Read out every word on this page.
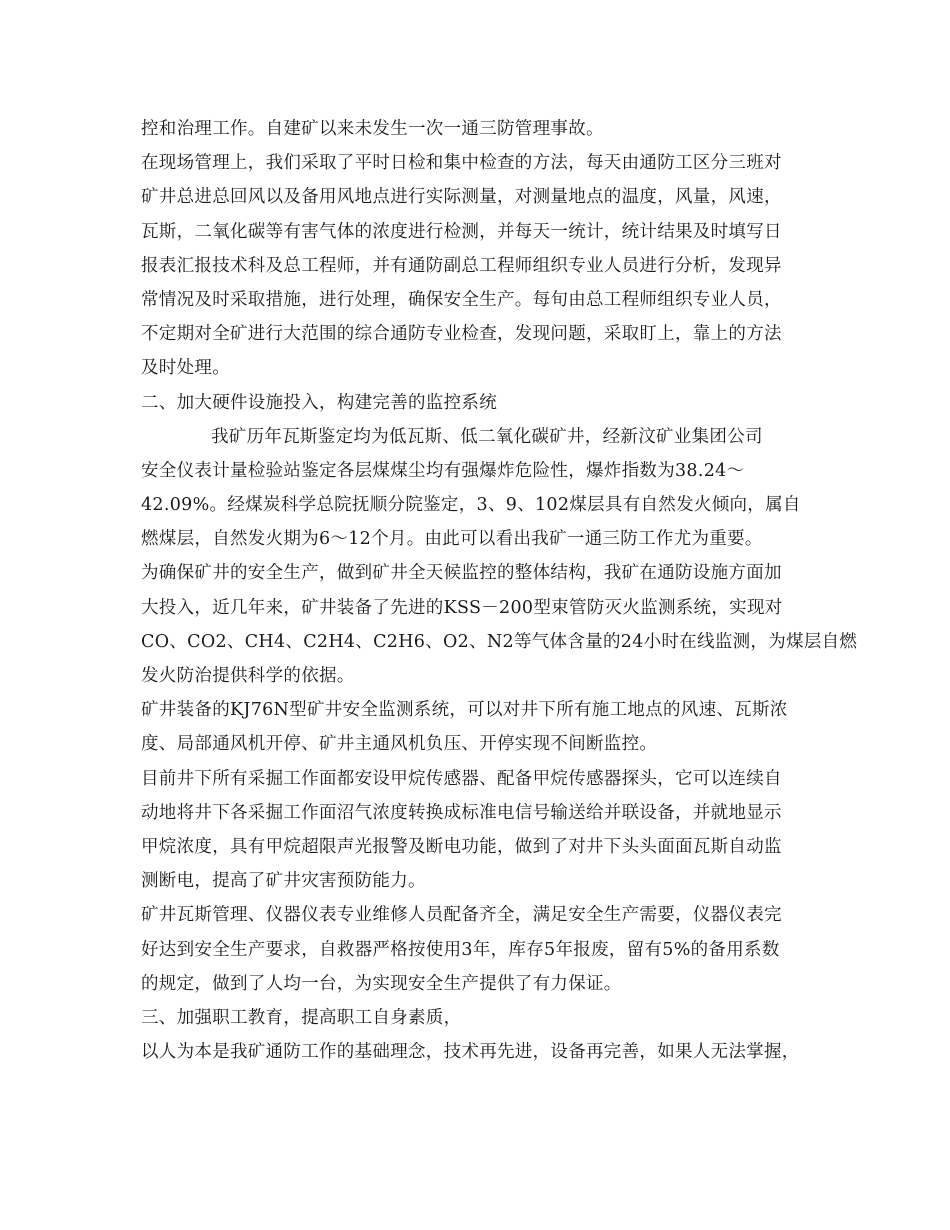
控和治理工作。自建矿以来未发生一次一通三防管理事故。
在现场管理上，我们采取了平时日检和集中检查的方法，每天由通防工区分三班对
矿井总进总回风以及备用风地点进行实际测量，对测量地点的温度，风量，风速，
瓦斯，二氧化碳等有害气体的浓度进行检测，并每天一统计，统计结果及时填写日
报表汇报技术科及总工程师，并有通防副总工程师组织专业人员进行分析，发现异
常情况及时采取措施，进行处理，确保安全生产。每旬由总工程师组织专业人员，
不定期对全矿进行大范围的综合通防专业检查，发现问题，采取盯上，靠上的方法
及时处理。
二、加大硬件设施投入，构建完善的监控系统
我矿历年瓦斯鉴定均为低瓦斯、低二氧化碳矿井，经新汶矿业集团公司
安全仪表计量检验站鉴定各层煤煤尘均有强爆炸危险性，爆炸指数为38.24～
42.09%。经煤炭科学总院抚顺分院鉴定，3、9、102煤层具有自然发火倾向，属自
燃煤层，自然发火期为6～12个月。由此可以看出我矿一通三防工作尤为重要。
为确保矿井的安全生产，做到矿井全天候监控的整体结构，我矿在通防设施方面加
大投入，近几年来，矿井装备了先进的KSS－200型束管防灭火监测系统，实现对
CO、CO2、CH4、C2H4、C2H6、O2、N2等气体含量的24小时在线监测，为煤层自燃
发火防治提供科学的依据。
矿井装备的KJ76N型矿井安全监测系统，可以对井下所有施工地点的风速、瓦斯浓
度、局部通风机开停、矿井主通风机负压、开停实现不间断监控。
目前井下所有采掘工作面都安设甲烷传感器、配备甲烷传感器探头，它可以连续自
动地将井下各采掘工作面沼气浓度转换成标准电信号输送给并联设备，并就地显示
甲烷浓度，具有甲烷超限声光报警及断电功能，做到了对井下头头面面瓦斯自动监
测断电，提高了矿井灾害预防能力。
矿井瓦斯管理、仪器仪表专业维修人员配备齐全，满足安全生产需要，仪器仪表完
好达到安全生产要求，自救器严格按使用3年，库存5年报废，留有5%的备用系数
的规定，做到了人均一台，为实现安全生产提供了有力保证。
三、加强职工教育，提高职工自身素质，
以人为本是我矿通防工作的基础理念，技术再先进，设备再完善，如果人无法掌握，
